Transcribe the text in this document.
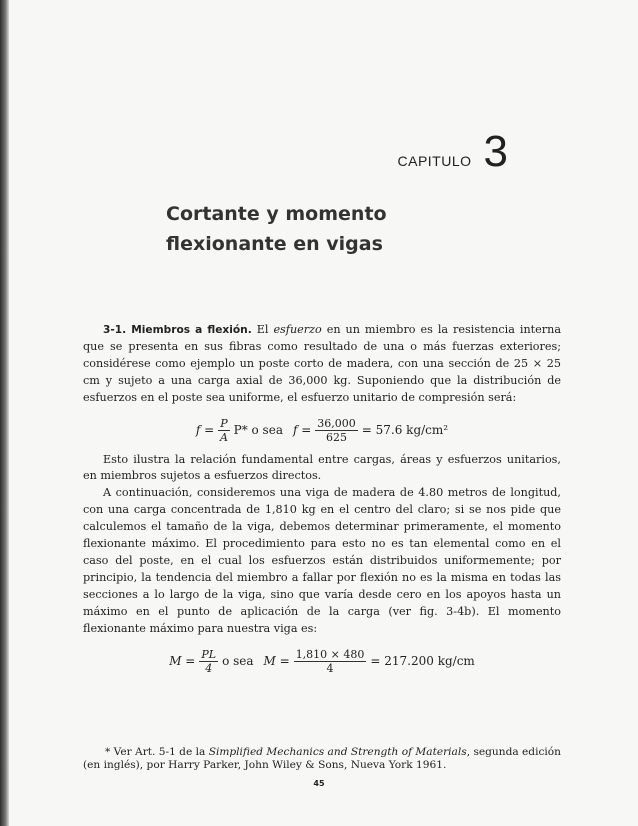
CAPITULO 3
Cortante y momento
flexionante en vigas

3-1. Miembros a flexión. El esfuerzo en un miembro es la resistencia interna que se presenta en sus fibras como resultado de una o más fuerzas exteriores; considérese como ejemplo un poste corto de madera, con una sección de 25 × 25 cm y sujeto a una carga axial de 36,000 kg. Suponiendo que la distribución de esfuerzos en el poste sea uniforme, el esfuerzo unitario de compresión será:

$f = \frac{P}{A} P*$ o sea $f = \frac{36,000}{625} = 57.6$ kg/cm²

Esto ilustra la relación fundamental entre cargas, áreas y esfuerzos unitarios, en miembros sujetos a esfuerzos directos.

A continuación, consideremos una viga de madera de 4.80 metros de longitud, con una carga concentrada de 1,810 kg en el centro del claro; si se nos pide que calculemos el tamaño de la viga, debemos determinar primeramente, el momento flexionante máximo. El procedimiento para esto no es tan elemental como en el caso del poste, en el cual los esfuerzos están distribuidos uniformemente; por principio, la tendencia del miembro a fallar por flexión no es la misma en todas las secciones a lo largo de la viga, sino que varía desde cero en los apoyos hasta un máximo en el punto de aplicación de la carga (ver fig. 3-4b). El momento flexionante máximo para nuestra viga es:

$M = \frac{PL}{4}$ o sea $M = \frac{1,810 \times 480}{4} = 217.200$ kg/cm

* Ver Art. 5-1 de la Simplified Mechanics and Strength of Materials, segunda edición (en inglés), por Harry Parker, John Wiley & Sons, Nueva York 1961.

45
